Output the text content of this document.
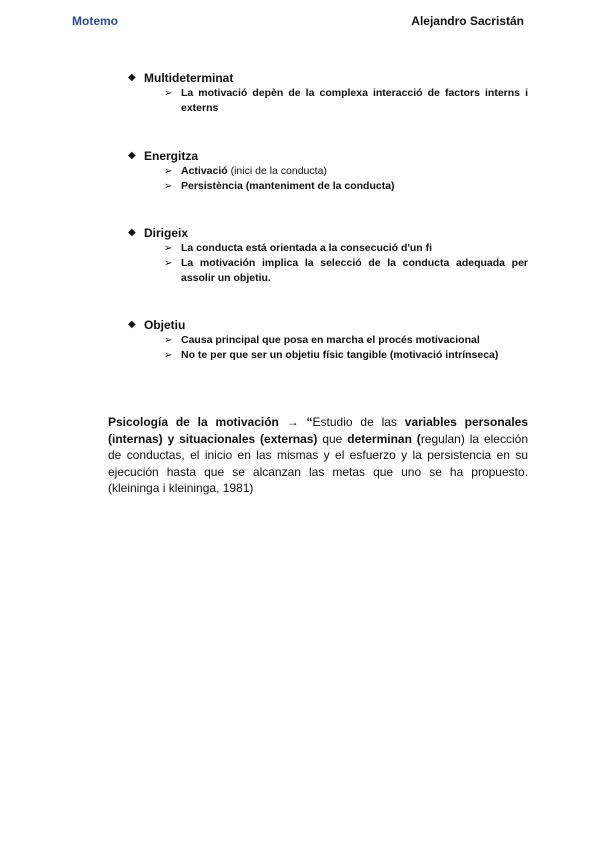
Motemo	Alejandro Sacristán
◆ Multideterminat
➢ La motivació depèn de la complexa interacció de factors interns i externs
◆ Energitza
➢ Activació (inici de la conducta)
➢ Persistència (manteniment de la conducta)
◆ Dirigeix
➢ La conducta está orientada a la consecució d'un fi
➢ La motivación implica la selecció de la conducta adequada per assolir un objetiu.
◆ Objetiu
➢ Causa principal que posa en marcha el procés motivacional
➢ No te per que ser un objetiu físic tangible (motivació intrínseca)
Psicología de la motivación → “Estudio de las variables personales (internas) y situacionales (externas) que determinan (regulan) la elección de conductas, el inicio en las mismas y el esfuerzo y la persistencia en su ejecución hasta que se alcanzan las metas que uno se ha propuesto. (kleininga i kleininga, 1981)
